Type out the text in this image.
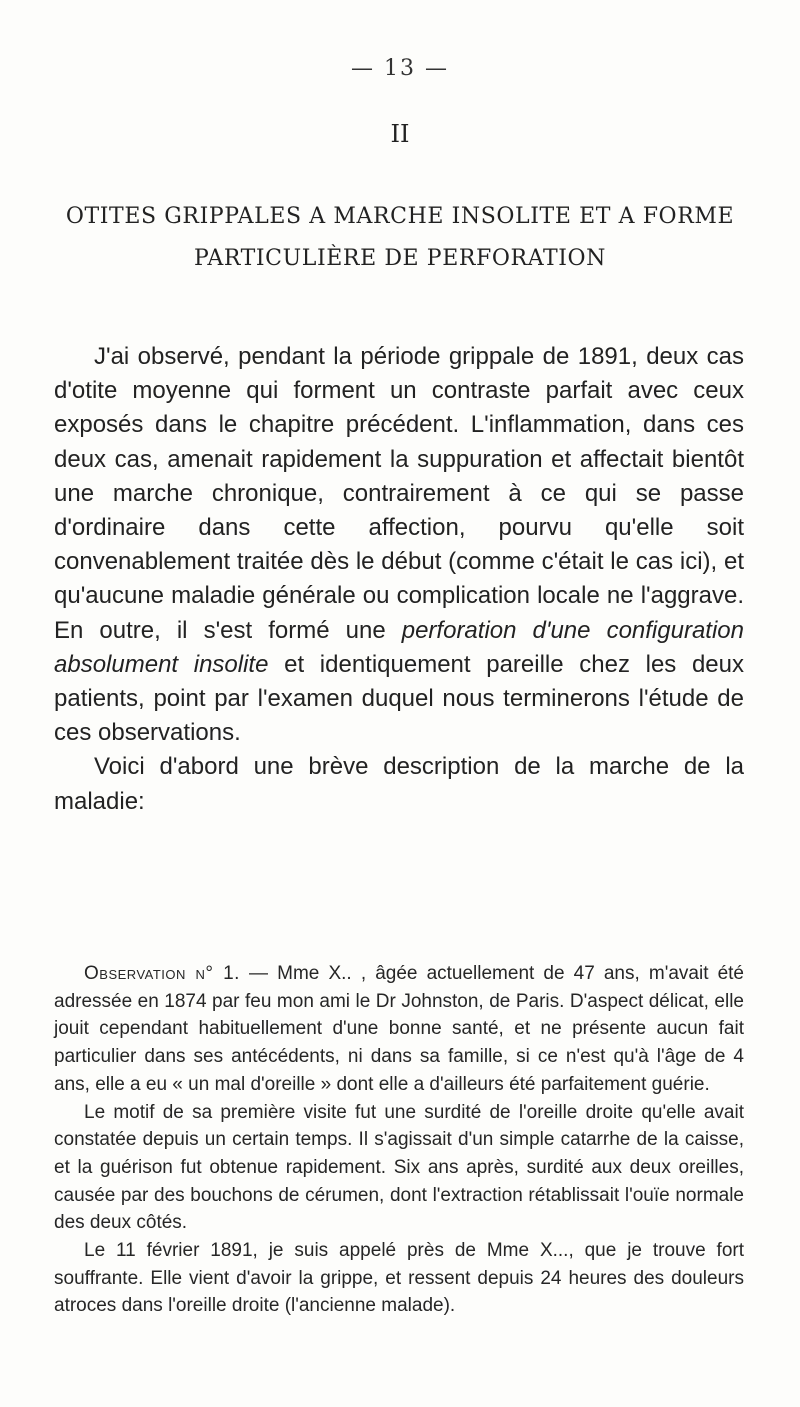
— 13 —
II
OTITES GRIPPALES A MARCHE INSOLITE ET A FORME
PARTICULIÈRE DE PERFORATION

J'ai observé, pendant la période grippale de 1891, deux cas d'otite moyenne qui forment un contraste parfait avec ceux exposés dans le chapitre précédent. L'inflammation, dans ces deux cas, amenait rapidement la suppuration et affectait bientôt une marche chronique, contrairement à ce qui se passe d'ordinaire dans cette affection, pourvu qu'elle soit convenablement traitée dès le début (comme c'était le cas ici), et qu'aucune maladie générale ou complication locale ne l'aggrave. En outre, il s'est formé une perforation d'une configuration absolument insolite et identiquement pareille chez les deux patients, point par l'examen duquel nous terminerons l'étude de ces observations.

Voici d'abord une brève description de la marche de la maladie:

Observation n° 1. — Mme X.. , âgée actuellement de 47 ans, m'avait été adressée en 1874 par feu mon ami le Dr Johnston, de Paris. D'aspect délicat, elle jouit cependant habituellement d'une bonne santé, et ne présente aucun fait particulier dans ses antécédents, ni dans sa famille, si ce n'est qu'à l'âge de 4 ans, elle a eu « un mal d'oreille » dont elle a d'ailleurs été parfaitement guérie.

Le motif de sa première visite fut une surdité de l'oreille droite qu'elle avait constatée depuis un certain temps. Il s'agissait d'un simple catarrhe de la caisse, et la guérison fut obtenue rapidement. Six ans après, surdité aux deux oreilles, causée par des bouchons de cérumen, dont l'extraction rétablissait l'ouïe normale des deux côtés.

Le 11 février 1891, je suis appelé près de Mme X..., que je trouve fort souffrante. Elle vient d'avoir la grippe, et ressent depuis 24 heures des douleurs atroces dans l'oreille droite (l'ancienne malade).
